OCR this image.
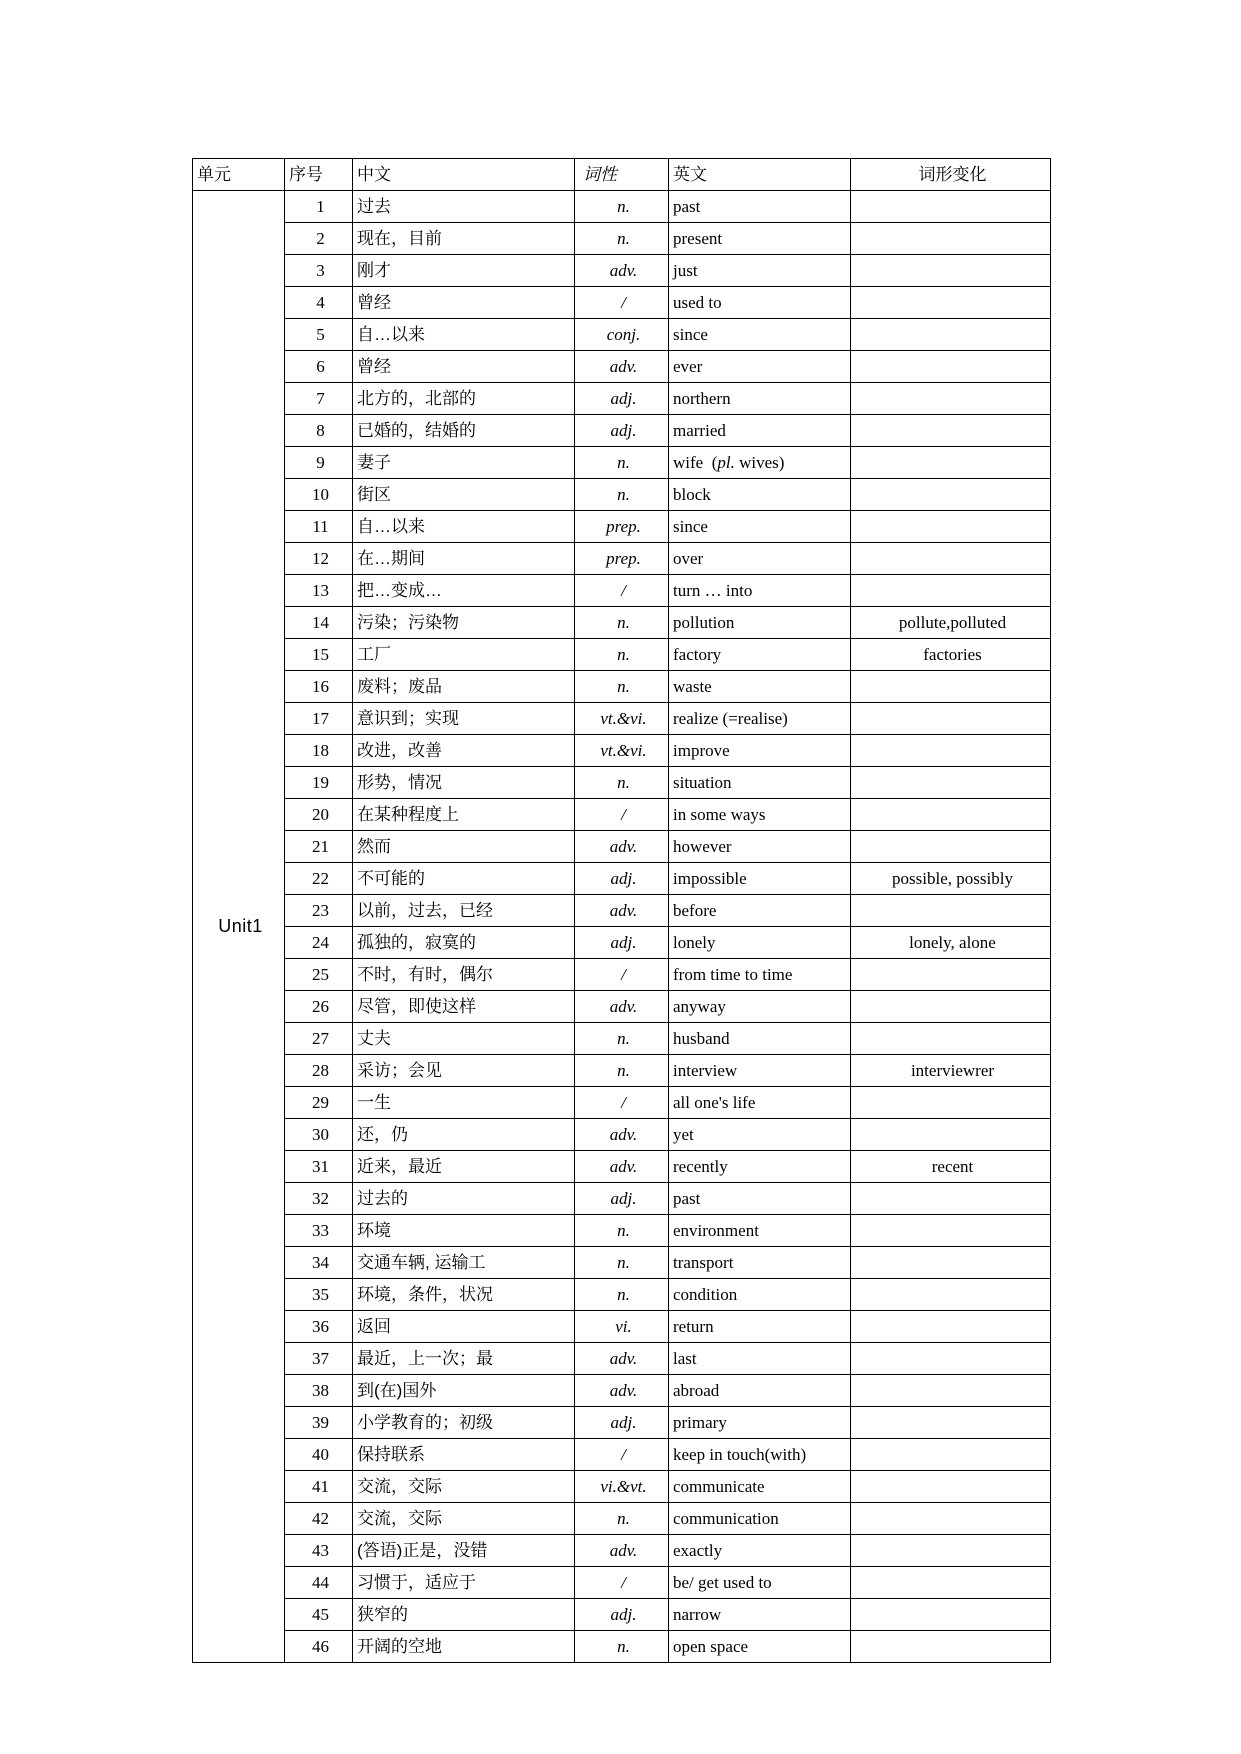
单元	序号	中文	词性	英文	词形变化
Unit1	1	过去	n.	past	
	2	现在，目前	n.	present	
	3	刚才	adv.	just	
	4	曾经	/	used to	
	5	自…以来	conj.	since	
	6	曾经	adv.	ever	
	7	北方的，北部的	adj.	northern	
	8	已婚的，结婚的	adj.	married	
	9	妻子	n.	wife  (pl. wives)	
	10	街区	n.	block	
	11	自…以来	prep.	since	
	12	在…期间	prep.	over	
	13	把…变成…	/	turn … into	
	14	污染；污染物	n.	pollution	pollute,polluted
	15	工厂	n.	factory	factories
	16	废料；废品	n.	waste	
	17	意识到；实现	vt.&vi.	realize (=realise)	
	18	改进，改善	vt.&vi.	improve	
	19	形势，情况	n.	situation	
	20	在某种程度上	/	in some ways	
	21	然而	adv.	however	
	22	不可能的	adj.	impossible	possible, possibly
	23	以前，过去，已经	adv.	before	
	24	孤独的，寂寞的	adj.	lonely	lonely, alone
	25	不时，有时，偶尔	/	from time to time	
	26	尽管，即使这样	adv.	anyway	
	27	丈夫	n.	husband	
	28	采访；会见	n.	interview	interviewrer
	29	一生	/	all one's life	
	30	还，仍	adv.	yet	
	31	近来，最近	adv.	recently	recent
	32	过去的	adj.	past	
	33	环境	n.	environment	
	34	交通车辆, 运输工	n.	transport	
	35	环境，条件，状况	n.	condition	
	36	返回	vi.	return	
	37	最近，上一次；最	adv.	last	
	38	到(在)国外	adv.	abroad	
	39	小学教育的；初级	adj.	primary	
	40	保持联系	/	keep in touch(with)	
	41	交流，交际	vi.&vt.	communicate	
	42	交流，交际	n.	communication	
	43	(答语)正是，没错	adv.	exactly	
	44	习惯于，适应于	/	be/ get used to	
	45	狭窄的	adj.	narrow	
	46	开阔的空地	n.	open space	
